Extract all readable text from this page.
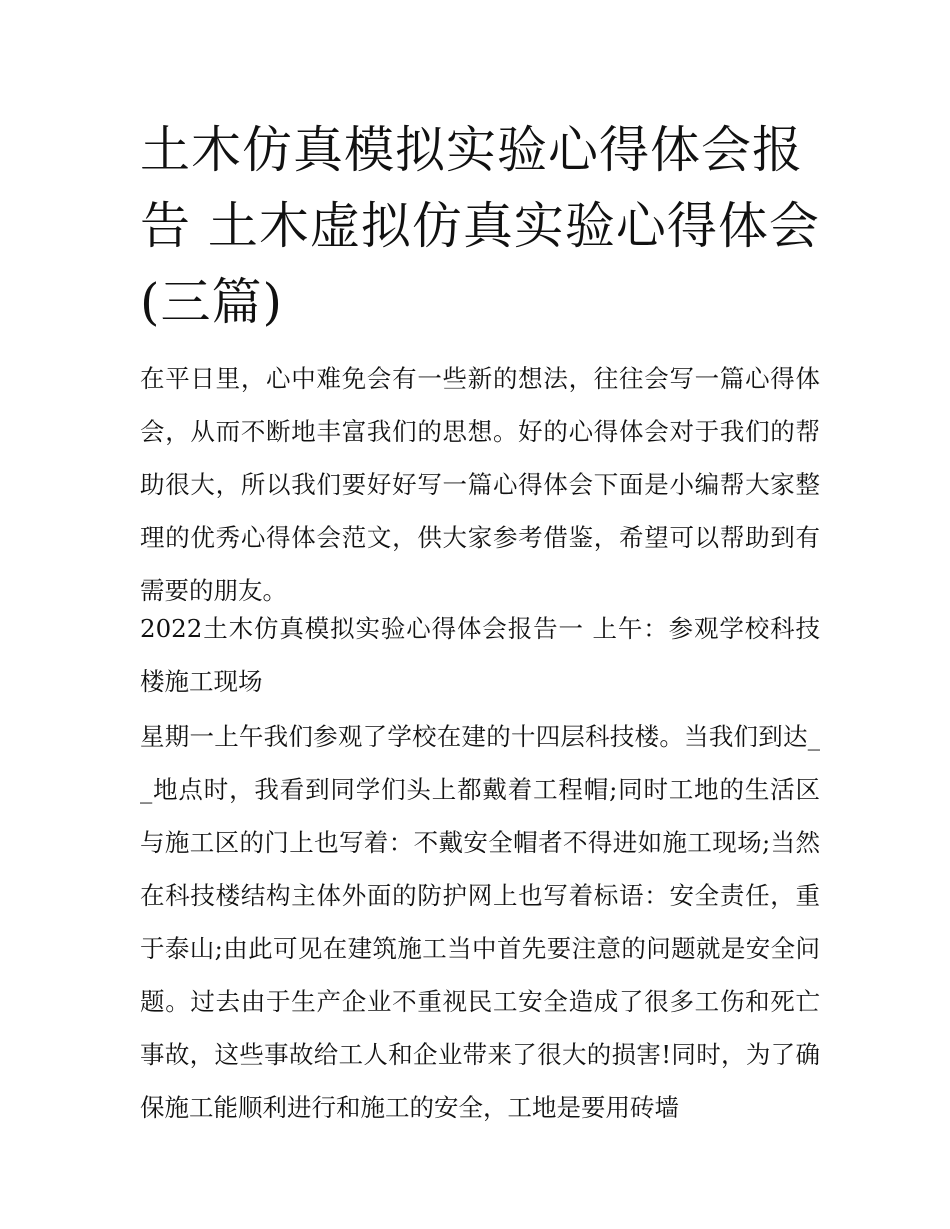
土木仿真模拟实验心得体会报告 土木虚拟仿真实验心得体会(三篇)

在平日里，心中难免会有一些新的想法，往往会写一篇心得体会，从而不断地丰富我们的思想。好的心得体会对于我们的帮助很大，所以我们要好好写一篇心得体会下面是小编帮大家整理的优秀心得体会范文，供大家参考借鉴，希望可以帮助到有需要的朋友。

2022土木仿真模拟实验心得体会报告一 上午：参观学校科技楼施工现场

星期一上午我们参观了学校在建的十四层科技楼。当我们到达__地点时，我看到同学们头上都戴着工程帽;同时工地的生活区与施工区的门上也写着：不戴安全帽者不得进如施工现场;当然在科技楼结构主体外面的防护网上也写着标语：安全责任，重于泰山;由此可见在建筑施工当中首先要注意的问题就是安全问题。过去由于生产企业不重视民工安全造成了很多工伤和死亡事故，这些事故给工人和企业带来了很大的损害!同时，为了确保施工能顺利进行和施工的安全，工地是要用砖墙
